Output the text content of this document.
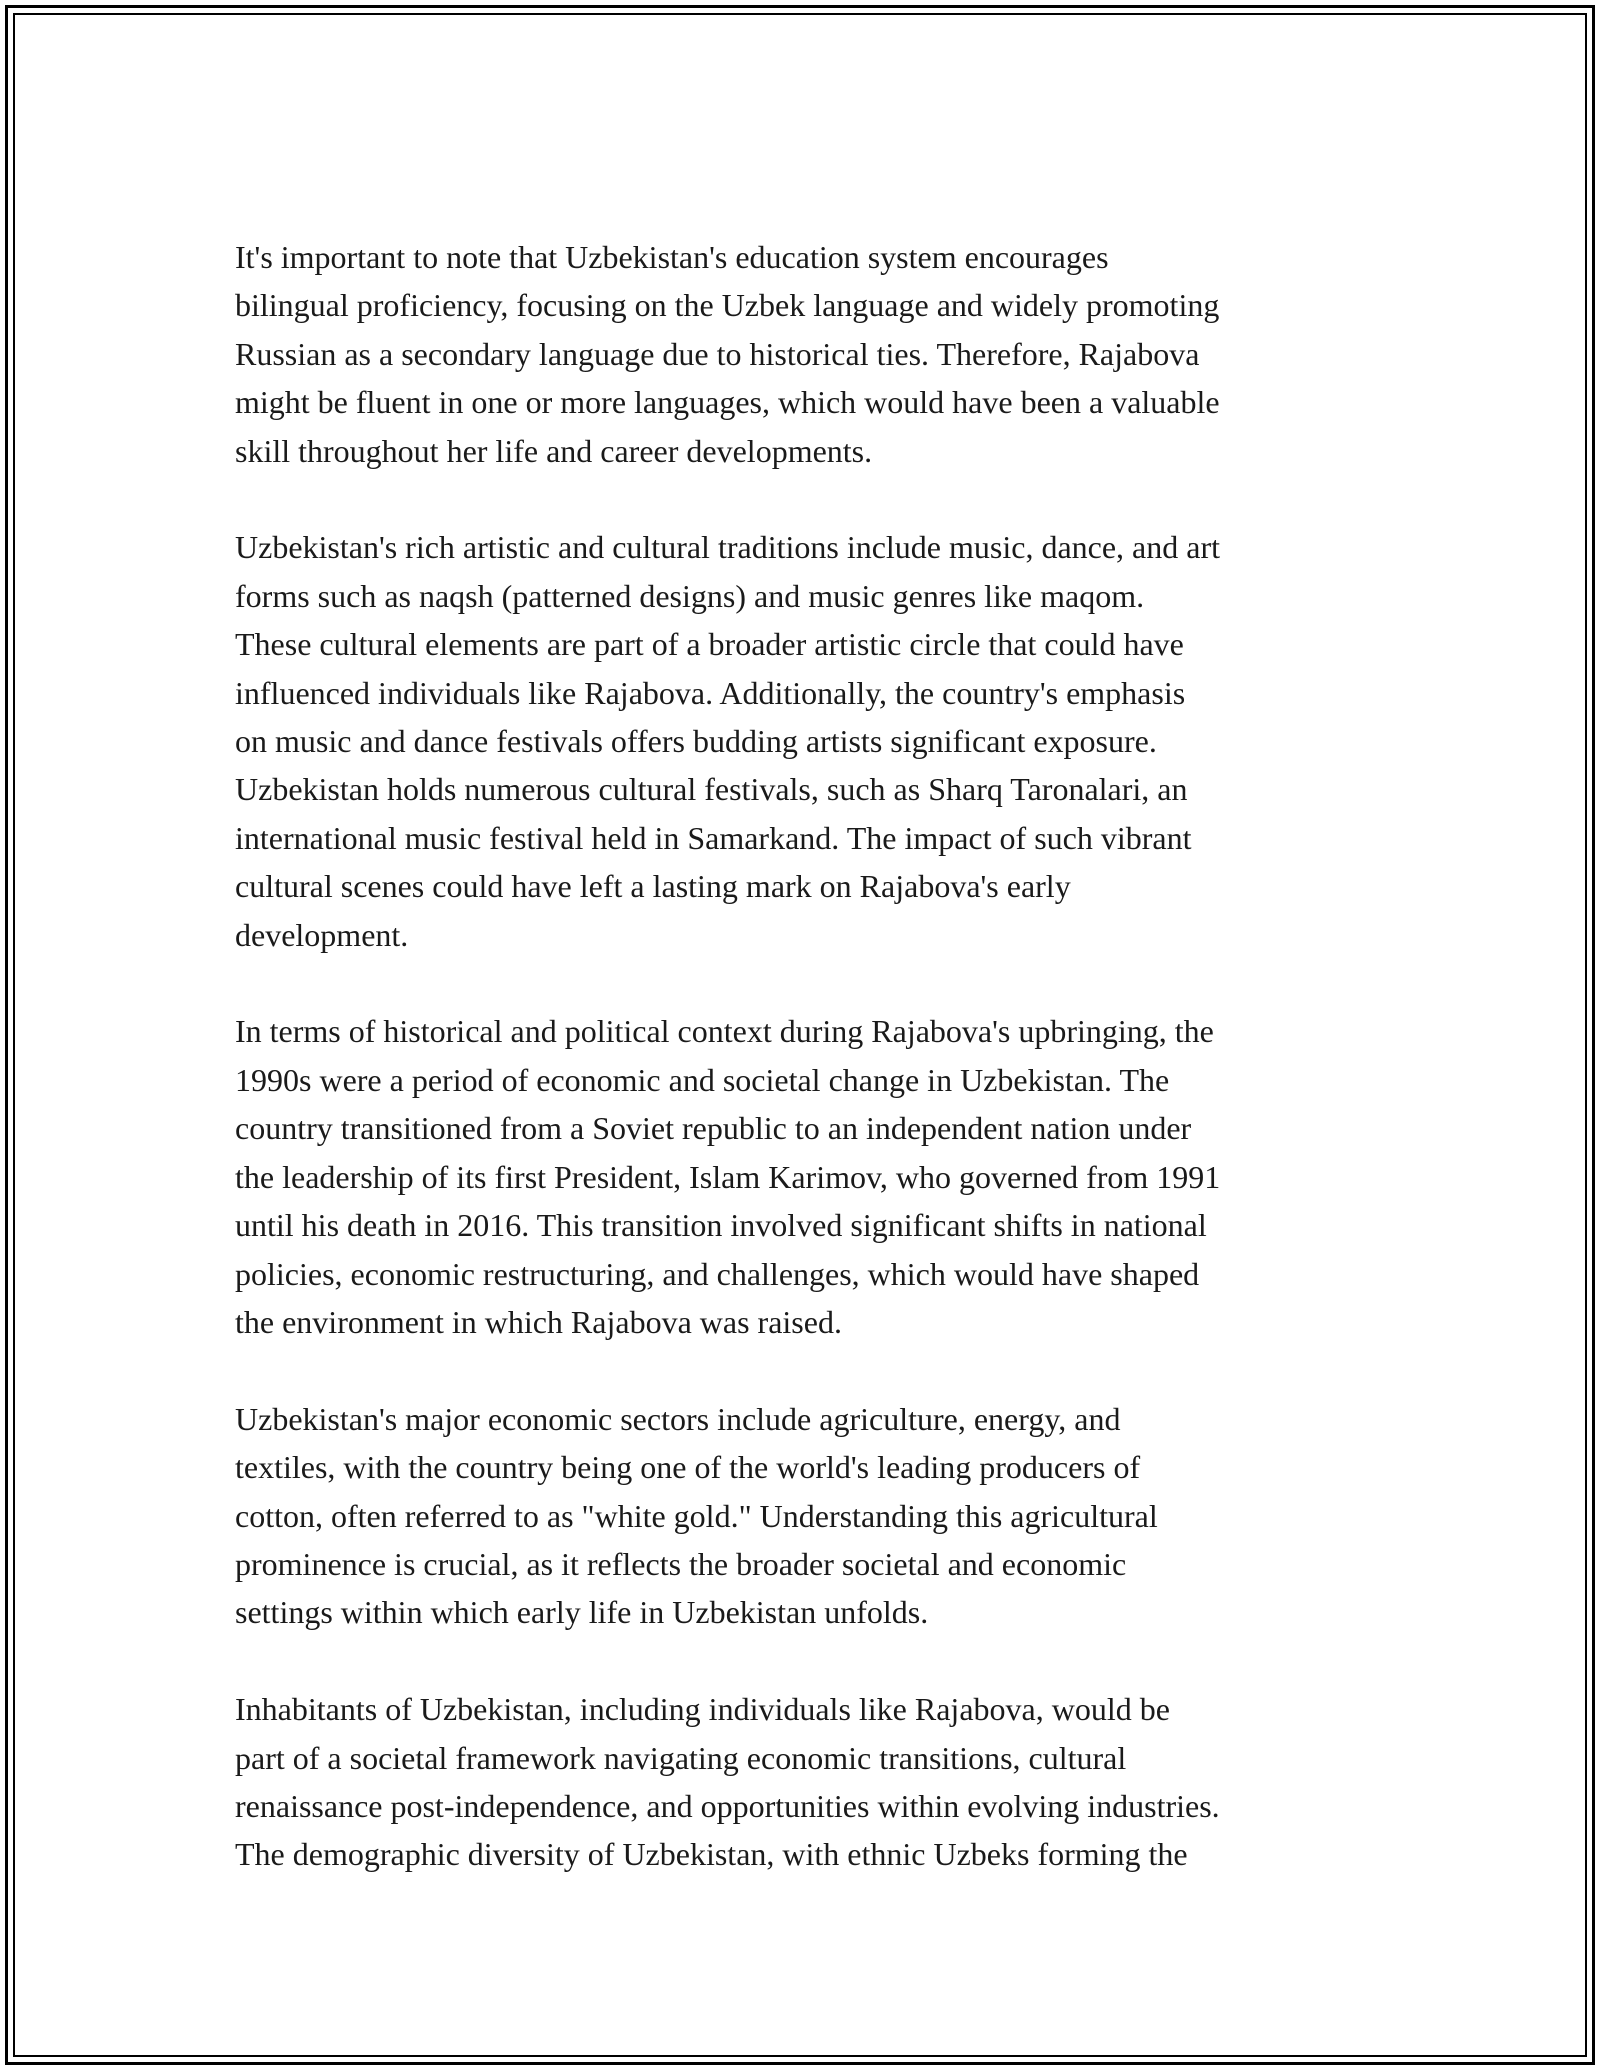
It's important to note that Uzbekistan's education system encourages
bilingual proficiency, focusing on the Uzbek language and widely promoting
Russian as a secondary language due to historical ties. Therefore, Rajabova
might be fluent in one or more languages, which would have been a valuable
skill throughout her life and career developments.

Uzbekistan's rich artistic and cultural traditions include music, dance, and art
forms such as naqsh (patterned designs) and music genres like maqom.
These cultural elements are part of a broader artistic circle that could have
influenced individuals like Rajabova. Additionally, the country's emphasis
on music and dance festivals offers budding artists significant exposure.
Uzbekistan holds numerous cultural festivals, such as Sharq Taronalari, an
international music festival held in Samarkand. The impact of such vibrant
cultural scenes could have left a lasting mark on Rajabova's early
development.

In terms of historical and political context during Rajabova's upbringing, the
1990s were a period of economic and societal change in Uzbekistan. The
country transitioned from a Soviet republic to an independent nation under
the leadership of its first President, Islam Karimov, who governed from 1991
until his death in 2016. This transition involved significant shifts in national
policies, economic restructuring, and challenges, which would have shaped
the environment in which Rajabova was raised.

Uzbekistan's major economic sectors include agriculture, energy, and
textiles, with the country being one of the world's leading producers of
cotton, often referred to as "white gold." Understanding this agricultural
prominence is crucial, as it reflects the broader societal and economic
settings within which early life in Uzbekistan unfolds.

Inhabitants of Uzbekistan, including individuals like Rajabova, would be
part of a societal framework navigating economic transitions, cultural
renaissance post-independence, and opportunities within evolving industries.
The demographic diversity of Uzbekistan, with ethnic Uzbeks forming the
